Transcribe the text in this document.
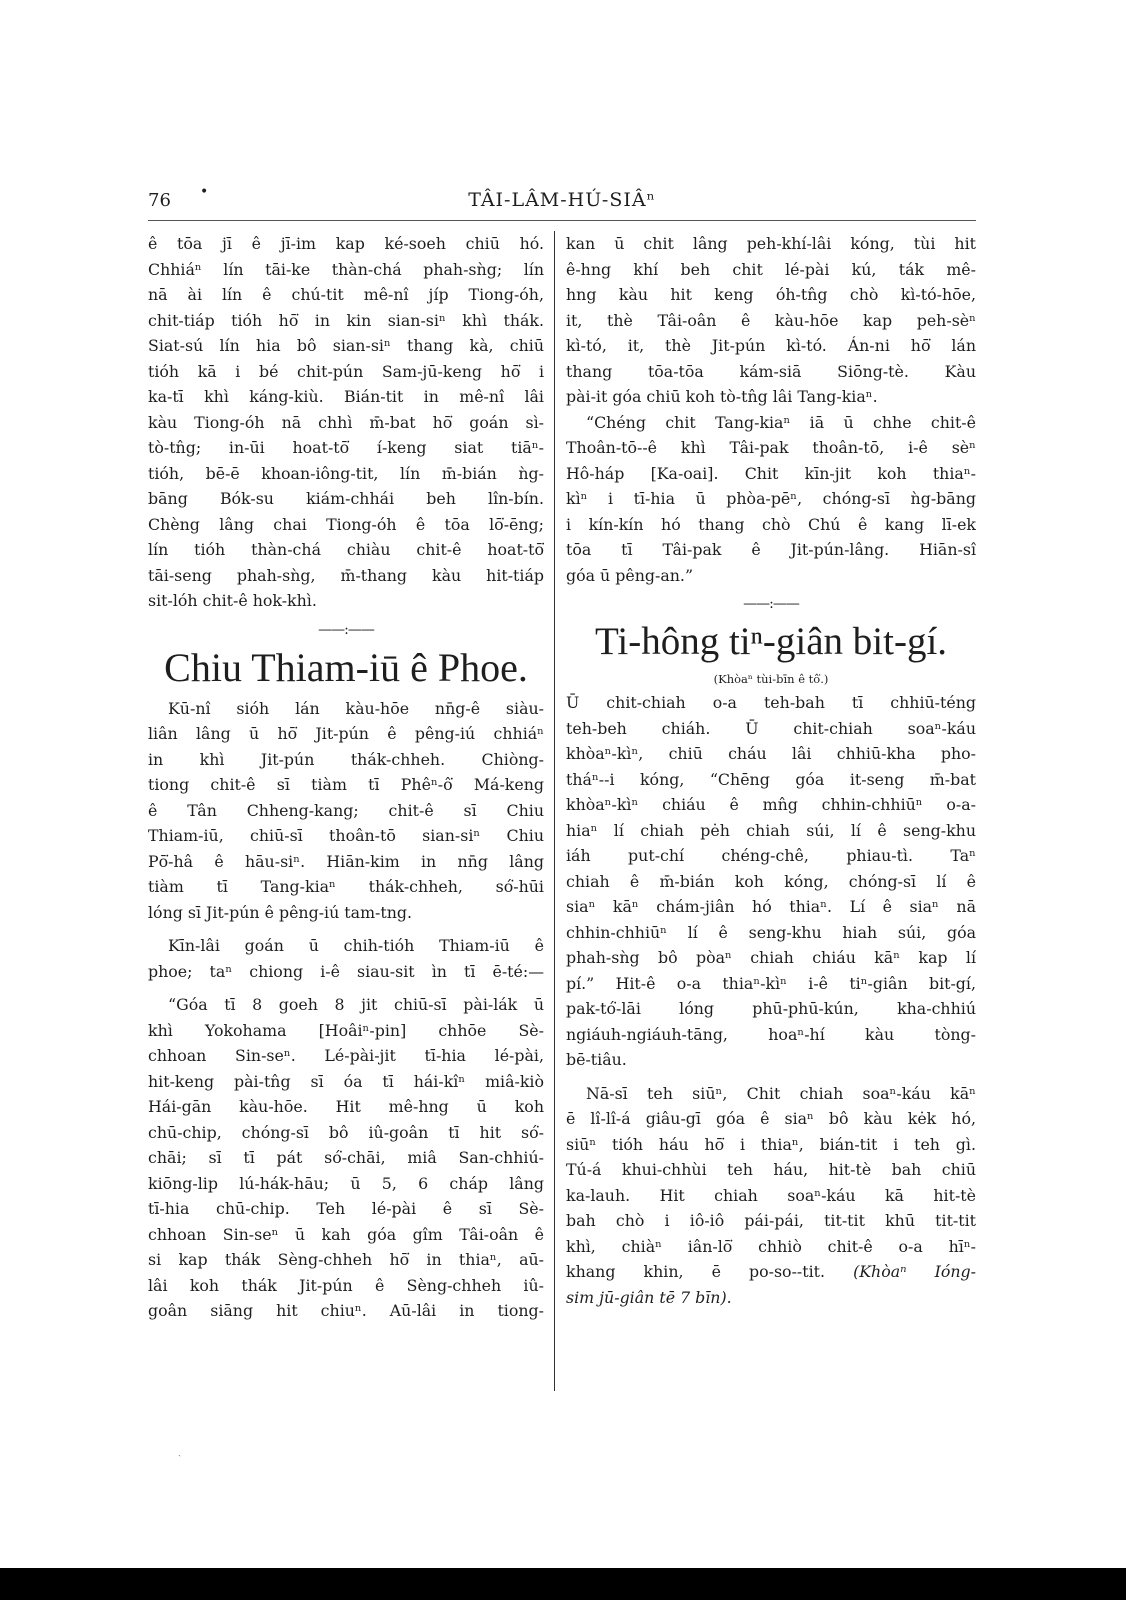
76 •	TÂI-LÂM-HÚ-SIÂⁿ
ê tōa jī ê jī-im kap ké-soeh chiū hó.
Chhiáⁿ lín tāi-ke thàn-chá phah-sǹg; lín
nā ài lín ê chú-tit mê-nî jíp Tiong-óh,
chit-tiáp tióh hō͘ in kin sian-siⁿ khì thák.
Siat-sú lín hia bô sian-siⁿ thang kà, chiū
tióh kā i bé chit-pún Sam-jū-keng hō͘ i
ka-tī khì káng-kiù. Bián-tit in mê-nî lâi
kàu Tiong-óh nā chhì m̄-bat hō͘ goán sì-
tò-tn̂g; in-ūi hoat-tō͘ í-keng siat tiāⁿ-
tióh, bē-ē khoan-iông-tit, lín m̄-bián ǹg-
bāng Bók-su kiám-chhái beh lîn-bín.
Chèng lâng chai Tiong-óh ê tōa lō͘-ēng;
lín tióh thàn-chá chiàu chit-ê hoat-tō͘
tāi-seng phah-sǹg, m̄-thang kàu hit-tiáp
sit-lóh chit-ê hok-khì.
——:——
Chiu Thiam-iū ê Phoe.
Kū-nî sióh lán kàu-hōe nn̄g-ê siàu-
liân lâng ū hō͘ Jit-pún ê pêng-iú chhiáⁿ
in khì Jit-pún thák-chheh. Chiòng-
tiong chit-ê sī tiàm tī Phêⁿ-ô͘ Má-keng
ê Tân Chheng-kang; chit-ê sī Chiu
Thiam-iū, chiū-sī thoân-tō sian-siⁿ Chiu
Pō͘-hâ ê hāu-siⁿ. Hiān-kim in nn̄g lâng
tiàm tī Tang-kiaⁿ thák-chheh, só͘-hūi
lóng sī Jit-pún ê pêng-iú tam-tng.
Kīn-lâi goán ū chih-tióh Thiam-iū ê
phoe; taⁿ chiong i-ê siau-sit ìn tī ē-té:—
“Góa tī 8 goeh 8 jit chiū-sī pài-lák ū
khì Yokohama [Hoâiⁿ-pin] chhōe Sè-
chhoan Sin-seⁿ. Lé-pài-jit tī-hia lé-pài,
hit-keng pài-tn̂g sī óa tī hái-kîⁿ miâ-kiò
Hái-gān kàu-hōe. Hit mê-hng ū koh
chū-chip, chóng-sī bô iû-goân tī hit só͘-
chāi; sī tī pát só͘-chāi, miâ San-chhiú-
kiōng-lip lú-hák-hāu; ū 5, 6 cháp lâng
tī-hia chū-chip. Teh lé-pài ê sī Sè-
chhoan Sin-seⁿ ū kah góa gîm Tâi-oân ê
si kap thák Sèng-chheh hō͘ in thiaⁿ, aū-
lâi koh thák Jit-pún ê Sèng-chheh iû-
goân siāng hit chiuⁿ. Aū-lâi in tiong-
kan ū chit lâng peh-khí-lâi kóng, tùi hit
ê-hng khí beh chit lé-pài kú, ták mê-
hng kàu hit keng óh-tn̂g chò kì-tó-hōe,
it, thè Tâi-oân ê kàu-hōe kap peh-sèⁿ
kì-tó, it, thè Jit-pún kì-tó. Án-ni hō͘ lán
thang tōa-tōa kám-siā Siōng-tè. Kàu
pài-it góa chiū koh tò-tn̂g lâi Tang-kiaⁿ.
“Chéng chit Tang-kiaⁿ iā ū chhe chit-ê
Thoân-tō--ê khì Tâi-pak thoân-tō, i-ê sèⁿ
Hô-háp [Ka-oai]. Chit kīn-jit koh thiaⁿ-
kìⁿ i tī-hia ū phòa-pēⁿ, chóng-sī ǹg-bāng
i kín-kín hó thang chò Chú ê kang lī-ek
tōa tī Tâi-pak ê Jit-pún-lâng. Hiān-sî
góa ū pêng-an.”
——:——
Ti-hông tiⁿ-giân bit-gí.
(Khòaⁿ tùi-bīn ê tô͘.)
Ū chit-chiah o-a teh-bah tī chhiū-téng
teh-beh chiáh. Ū chit-chiah soaⁿ-káu
khòaⁿ-kìⁿ, chiū cháu lâi chhiū-kha pho-
tháⁿ--i kóng, “Chēng góa it-seng m̄-bat
khòaⁿ-kìⁿ chiáu ê mn̂g chhin-chhiūⁿ o-a-
hiaⁿ lí chiah pėh chiah súi, lí ê seng-khu
iáh put-chí chéng-chê, phiau-tì. Taⁿ
chiah ê m̄-bián koh kóng, chóng-sī lí ê
siaⁿ kāⁿ chám-jiân hó thiaⁿ. Lí ê siaⁿ nā
chhin-chhiūⁿ lí ê seng-khu hiah súi, góa
phah-sǹg bô pòaⁿ chiah chiáu kāⁿ kap lí
pí.” Hit-ê o-a thiaⁿ-kìⁿ i-ê tiⁿ-giân bit-gí,
pak-tó͘-lāi lóng phū-phū-kún, kha-chhiú
ngiáuh-ngiáuh-tāng, hoaⁿ-hí kàu tòng-
bē-tiâu.
Nā-sī teh siūⁿ, Chit chiah soaⁿ-káu kāⁿ
ē lî-lî-á giâu-gī góa ê siaⁿ bô kàu kėk hó,
siūⁿ tióh háu hō͘ i thiaⁿ, bián-tit i teh gì.
Tú-á khui-chhùi teh háu, hit-tè bah chiū
ka-lauh. Hit chiah soaⁿ-káu kā hit-tè
bah chò i iô-iô pái-pái, tit-tit khū tit-tit
khì, chiàⁿ iân-lō͘ chhiò chit-ê o-a hīⁿ-
khang khin, ē po-so--tit. (Khòaⁿ Ióng-
sim jū-giân tē 7 bīn).
ˎ
